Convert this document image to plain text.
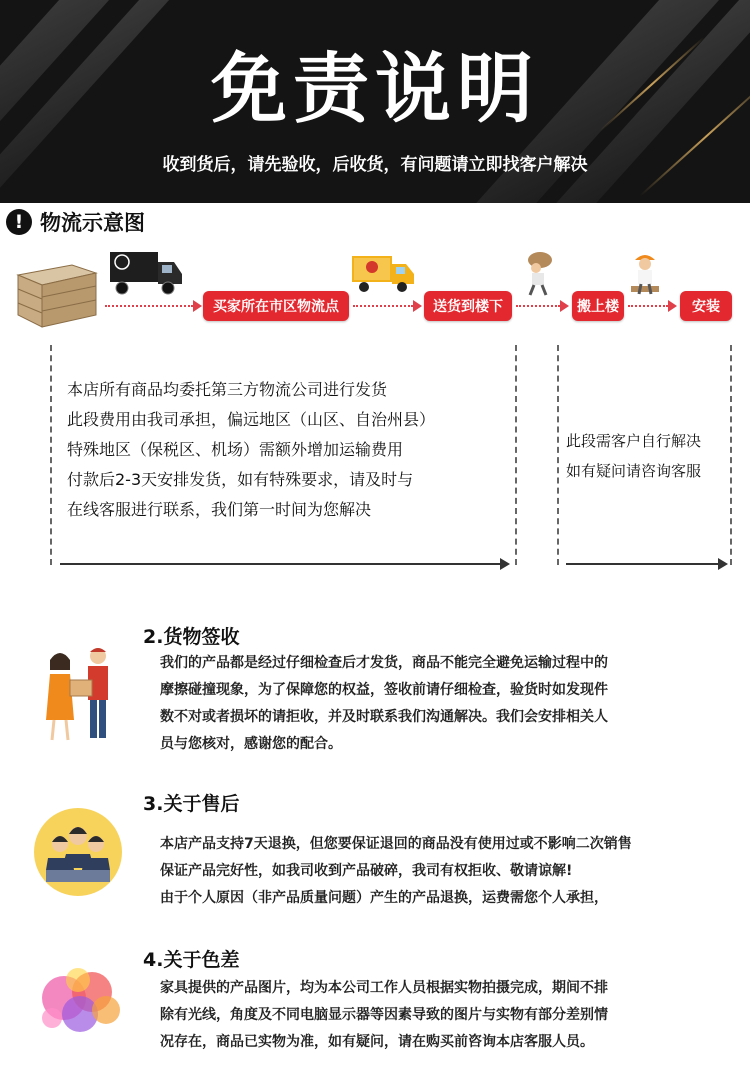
免责说明
收到货后，请先验收，后收货，有问题请立即找客户解决
! 物流示意图
买家所在市区物流点	送货到楼下	搬上楼	安装
本店所有商品均委托第三方物流公司进行发货
此段费用由我司承担，偏远地区（山区、自治州县）
特殊地区（保税区、机场）需额外增加运输费用
付款后2-3天安排发货，如有特殊要求，请及时与
在线客服进行联系，我们第一时间为您解决
此段需客户自行解决
如有疑问请咨询客服
2.货物签收
我们的产品都是经过仔细检查后才发货，商品不能完全避免运输过程中的
摩擦碰撞现象，为了保障您的权益，签收前请仔细检查，验货时如发现件
数不对或者损坏的请拒收，并及时联系我们沟通解决。我们会安排相关人
员与您核对，感谢您的配合。
3.关于售后
本店产品支持7天退换，但您要保证退回的商品没有使用过或不影响二次销售
保证产品完好性，如我司收到产品破碎，我司有权拒收、敬请谅解!
由于个人原因（非产品质量问题）产生的产品退换，运费需您个人承担，
4.关于色差
家具提供的产品图片，均为本公司工作人员根据实物拍摄完成，期间不排
除有光线，角度及不同电脑显示器等因素导致的图片与实物有部分差别情
况存在，商品已实物为准，如有疑问，请在购买前咨询本店客服人员。
